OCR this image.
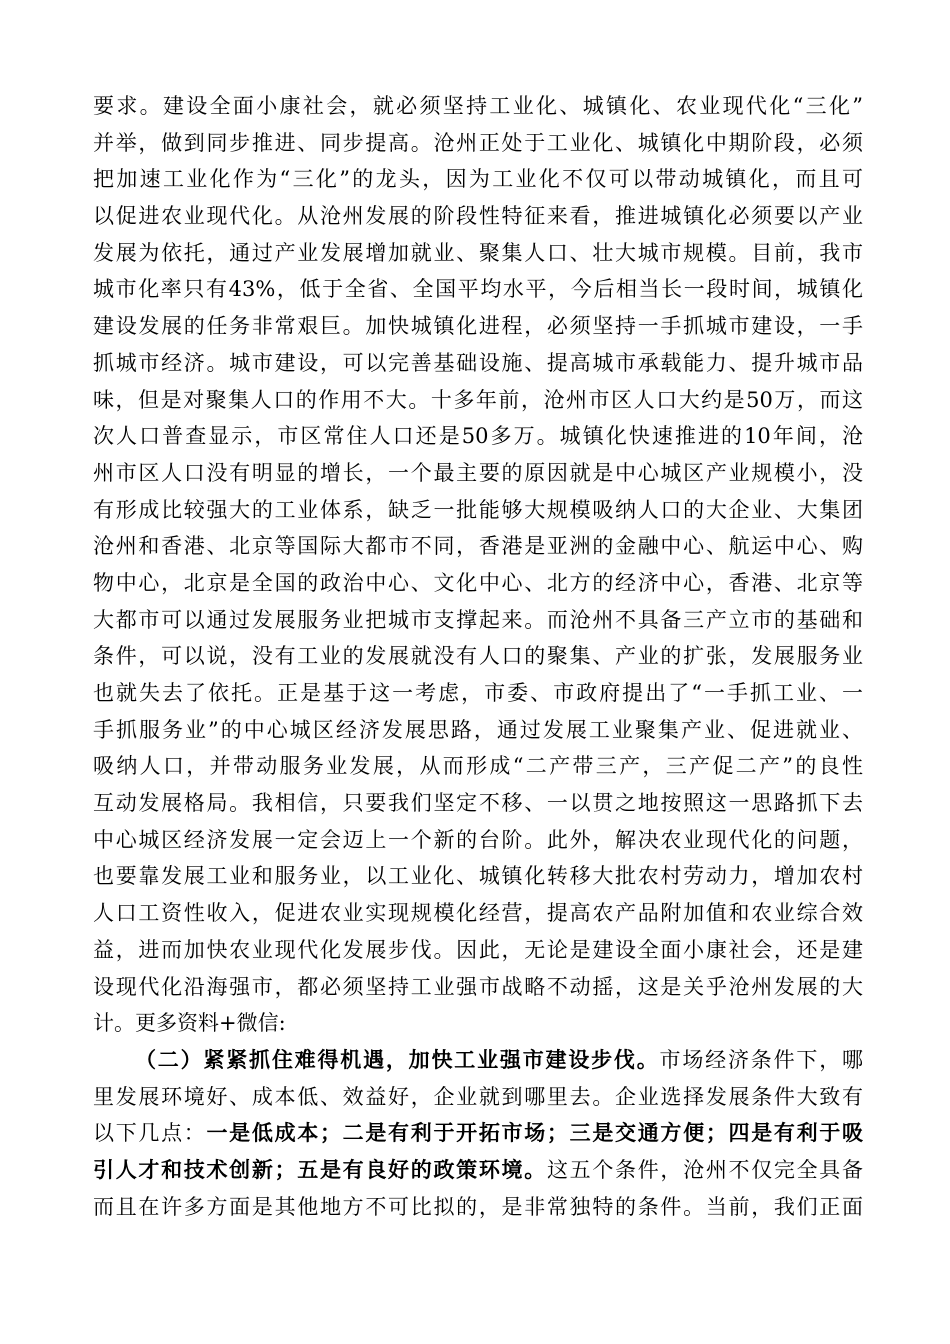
要求。建设全面小康社会，就必须坚持工业化、城镇化、农业现代化“三化”
并举，做到同步推进、同步提高。沧州正处于工业化、城镇化中期阶段，必须
把加速工业化作为“三化”的龙头，因为工业化不仅可以带动城镇化，而且可
以促进农业现代化。从沧州发展的阶段性特征来看，推进城镇化必须要以产业
发展为依托，通过产业发展增加就业、聚集人口、壮大城市规模。目前，我市
城市化率只有43%，低于全省、全国平均水平，今后相当长一段时间，城镇化
建设发展的任务非常艰巨。加快城镇化进程，必须坚持一手抓城市建设，一手
抓城市经济。城市建设，可以完善基础设施、提高城市承载能力、提升城市品
味，但是对聚集人口的作用不大。十多年前，沧州市区人口大约是50万，而这
次人口普查显示，市区常住人口还是50多万。城镇化快速推进的10年间，沧
州市区人口没有明显的增长，一个最主要的原因就是中心城区产业规模小，没
有形成比较强大的工业体系，缺乏一批能够大规模吸纳人口的大企业、大集团
沧州和香港、北京等国际大都市不同，香港是亚洲的金融中心、航运中心、购
物中心，北京是全国的政治中心、文化中心、北方的经济中心，香港、北京等
大都市可以通过发展服务业把城市支撑起来。而沧州不具备三产立市的基础和
条件，可以说，没有工业的发展就没有人口的聚集、产业的扩张，发展服务业
也就失去了依托。正是基于这一考虑，市委、市政府提出了“一手抓工业、一
手抓服务业”的中心城区经济发展思路，通过发展工业聚集产业、促进就业、
吸纳人口，并带动服务业发展，从而形成“二产带三产，三产促二产”的良性
互动发展格局。我相信，只要我们坚定不移、一以贯之地按照这一思路抓下去
中心城区经济发展一定会迈上一个新的台阶。此外，解决农业现代化的问题，
也要靠发展工业和服务业，以工业化、城镇化转移大批农村劳动力，增加农村
人口工资性收入，促进农业实现规模化经营，提高农产品附加值和农业综合效
益，进而加快农业现代化发展步伐。因此，无论是建设全面小康社会，还是建
设现代化沿海强市，都必须坚持工业强市战略不动摇，这是关乎沧州发展的大
计。更多资料+微信:
（二）紧紧抓住难得机遇，加快工业强市建设步伐。市场经济条件下，哪
里发展环境好、成本低、效益好，企业就到哪里去。企业选择发展条件大致有
以下几点：一是低成本；二是有利于开拓市场；三是交通方便；四是有利于吸
引人才和技术创新；五是有良好的政策环境。这五个条件，沧州不仅完全具备
而且在许多方面是其他地方不可比拟的，是非常独特的条件。当前，我们正面
